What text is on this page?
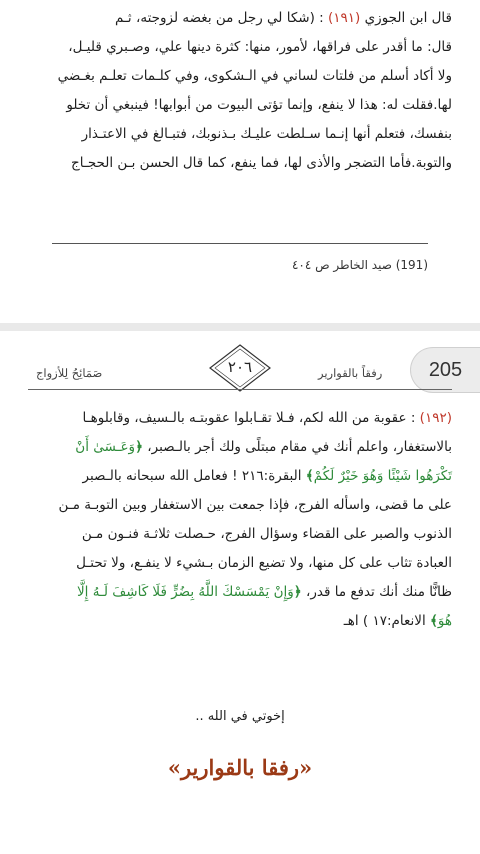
قال ابن الجوزي (١٩١) : (شكا لي رجل من بغضه لزوجته، ثـم

قال: ما أقدر على فراقها، لأمور، منها: كثرة دينها علي، وصـبري قليـل،

ولا أكاد أسلم من فلتات لساني في الـشكوى، وفي كلـمات تعلـم بغـضي

لها.فقلت له: هذا لا ينفع، وإنما تؤتى البيوت من أبوابها! فينبغي أن تخلو

بنفسك، فتعلم أنها إنـما سـلطت عليـك بـذنوبك، فتبـالغ في الاعتـذار

والتوبة.فأما التضجر والأذى لها، فما ينفع، كما قال الحسن بـن الحجـاج

(191) صيد الخاطر ص ٤٠٤
205
رفقاً بالقوارير
٢٠٦
صَمَائِحُ لِلأزواج

(١٩٢) : عقوبة من الله لكم، فـلا تقـابلوا عقوبتـه بالـسيف، وقابلوهـا

بالاستغفار، واعلم أنك في مقام مبتلًى ولك أجر بالـصبر، ﴿وَعَـسَىٰ أَنْ

تَكْرَهُوا شَيْئًا وَهُوَ خَيْرٌ لَكُمْ﴾ البقرة:٢١٦ ! فعامل الله سبحانه بالـصبر

على ما قضى، واسأله الفرج، فإذا جمعت بين الاستغفار وبين التوبـة مـن

الذنوب والصبر على القضاء وسؤال الفرج، حـصلت ثلاثـة فنـون مـن

العبادة تثاب على كل منها، ولا تضيع الزمان بـشيء لا ينفـع، ولا تحتـل

ظانًّا منك أنك تدفع ما قدر، ﴿وَإِنْ يَمْسَسْكَ اللَّهُ بِضُرٍّ فَلَا كَاشِفَ لَـهُ إِلَّا

هُوَ﴾ الانعام:١٧ ) اهـ

إخوتي في الله ..
«رفقا بالقوارير»
